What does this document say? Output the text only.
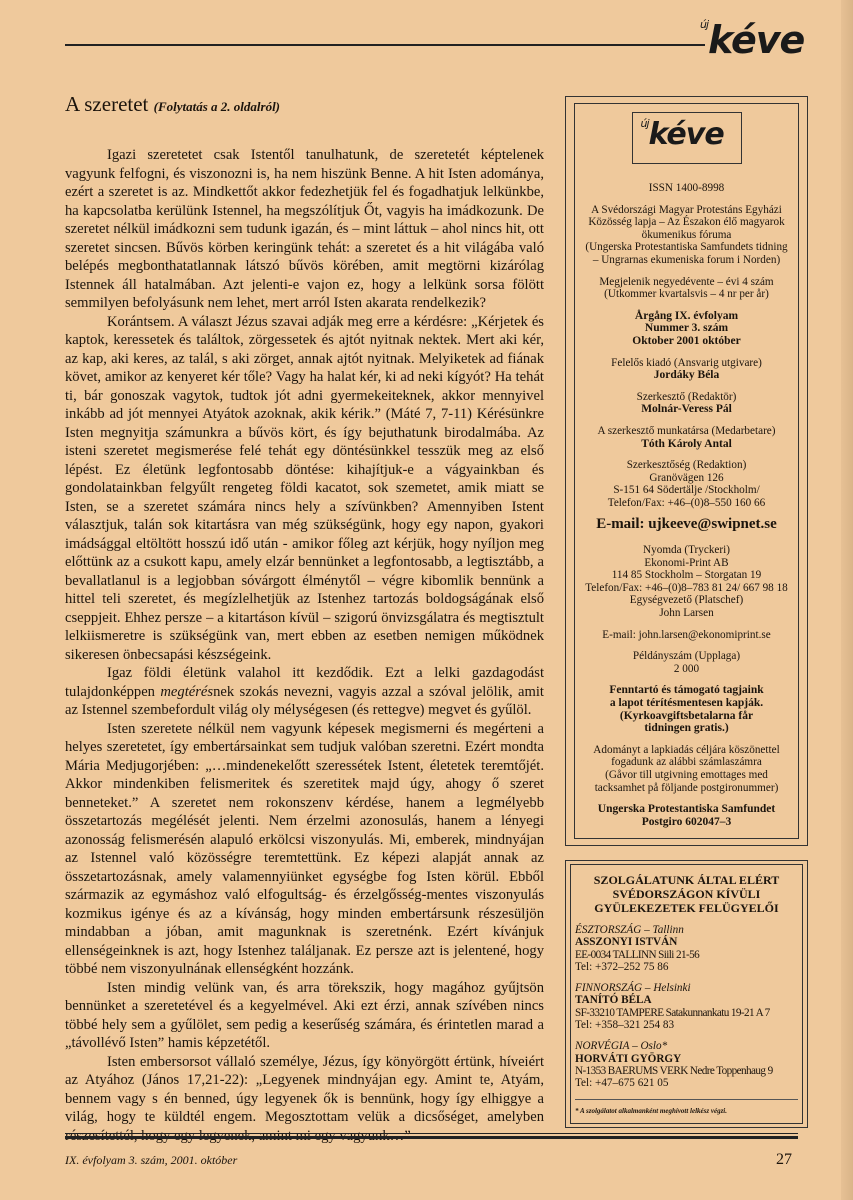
$^{új}$kéve
A szeretet (Folytatás a 2. oldalról)

Igazi szeretetet csak Istentől tanulhatunk, de szeretetét képtelenek vagyunk felfogni, és viszonozni is, ha nem hiszünk Benne. A hit Isten adománya, ezért a szeretet is az. Mindkettőt akkor fedezhetjük fel és fogadhatjuk lelkünkbe, ha kapcsolatba kerülünk Istennel, ha megszólítjuk Őt, vagyis ha imádkozunk. De szeretet nélkül imádkozni sem tudunk igazán, és – mint láttuk – ahol nincs hit, ott szeretet sincsen. Bűvös körben keringünk tehát: a szeretet és a hit világába való belépés megbonthatatlannak látszó bűvös körében, amit megtörni kizárólag Istennek áll hatalmában. Azt jelenti-e vajon ez, hogy a lelkünk sorsa fölött semmilyen befolyásunk nem lehet, mert arról Isten akarata rendelkezik?

Korántsem. A választ Jézus szavai adják meg erre a kérdésre: „Kérjetek és kaptok, keressetek és találtok, zörgessetek és ajtót nyitnak nektek. Mert aki kér, az kap, aki keres, az talál, s aki zörget, annak ajtót nyitnak. Melyiketek ad fiának követ, amikor az kenyeret kér tőle? Vagy ha halat kér, ki ad neki kígyót? Ha tehát ti, bár gonoszak vagytok, tudtok jót adni gyermekeiteknek, akkor mennyivel inkább ad jót mennyei Atyátok azoknak, akik kérik.” (Máté 7, 7-11) Kérésünkre Isten megnyitja számunkra a bűvös kört, és így bejuthatunk birodalmába. Az isteni szeretet megismerése felé tehát egy döntésünkkel tesszük meg az első lépést. Ez életünk legfontosabb döntése: kihajítjuk-e a vágyainkban és gondolatainkban felgyűlt rengeteg földi kacatot, sok szemetet, amik miatt se Isten, se a szeretet számára nincs hely a szívünkben? Amennyiben Istent választjuk, talán sok kitartásra van még szükségünk, hogy egy napon, gyakori imádsággal eltöltött hosszú idő után - amikor főleg azt kérjük, hogy nyíljon meg előttünk az a csukott kapu, amely elzár bennünket a legfontosabb, a legtisztább, a bevallatlanul is a legjobban sóvárgott élménytől – végre kibomlik bennünk a hittel teli szeretet, és megízlelhetjük az Istenhez tartozás boldogságának első cseppjeit. Ehhez persze – a kitartáson kívül – szigorú önvizsgálatra és megtisztult lelkiismeretre is szükségünk van, mert ebben az esetben nemigen működnek sikeresen önbecsapási készségeink.

Igaz földi életünk valahol itt kezdődik. Ezt a lelki gazdagodást tulajdonképpen megtérésnek szokás nevezni, vagyis azzal a szóval jelölik, amit az Istennel szembefordult világ oly mélységesen (és rettegve) megvet és gyűlöl.

Isten szeretete nélkül nem vagyunk képesek megismerni és megérteni a helyes szeretetet, így embertársainkat sem tudjuk valóban szeretni. Ezért mondta Mária Medjugorjében: „…mindenekelőtt szeressétek Istent, életetek teremtőjét. Akkor mindenkiben felismeritek és szeretitek majd úgy, ahogy ő szeret benneteket.” A szeretet nem rokonszenv kérdése, hanem a legmélyebb összetartozás megélését jelenti. Nem érzelmi azonosulás, hanem a lényegi azonosság felismerésén alapuló erkölcsi viszonyulás. Mi, emberek, mindnyájan az Istennel való közösségre teremtettünk. Ez képezi alapját annak az összetartozásnak, amely valamennyiünket egységbe fog Isten körül. Ebből származik az egymáshoz való elfogultság- és érzelgősség-mentes viszonyulás kozmikus igénye és az a kívánság, hogy minden embertársunk részesüljön mindabban a jóban, amit magunknak is szeretnénk. Ezért kívánjuk ellenségeinknek is azt, hogy Istenhez találjanak. Ez persze azt is jelentené, hogy többé nem viszonyulnának ellenségként hozzánk.

Isten mindig velünk van, és arra törekszik, hogy magához gyűjtsön bennünket a szeretetével és a kegyelmével. Aki ezt érzi, annak szívében nincs többé hely sem a gyűlölet, sem pedig a keserűség számára, és érintetlen marad a „távollévő Isten” hamis képzetétől.

Isten embersorsot vállaló személye, Jézus, így könyörgött értünk, híveiért az Atyához (János 17,21-22): „Legyenek mindnyájan egy. Amint te, Atyám, bennem vagy s én benned, úgy legyenek ők is bennünk, hogy így elhiggye a világ, hogy te küldtél engem. Megosztottam velük a dicsőséget, amelyben

$^{új}$kéve
ISSN 1400-8998
A Svédországi Magyar Protestáns Egyházi
Közösség lapja – Az Északon élő magyarok
ökumenikus fóruma
(Ungerska Protestantiska Samfundets tidning
– Ungrarnas ekumeniska forum i Norden)
Megjelenik negyedévente – évi 4 szám
(Utkommer kvartalsvis – 4 nr per år)
Årgång IX. évfolyam
Nummer 3. szám
Oktober 2001 október
Felelős kiadó (Ansvarig utgivare)
Jordáky Béla
Szerkesztő (Redaktör)
Molnár-Veress Pál
A szerkesztő munkatársa (Medarbetare)
Tóth Károly Antal
Szerkesztőség (Redaktion)
Granövägen 126
S-151 64 Södertälje /Stockholm/
Telefon/Fax: +46–(0)8–550 160 66
E-mail: ujkeeve@swipnet.se
Nyomda (Tryckeri)
Ekonomi-Print AB
114 85 Stockholm – Storgatan 19
Telefon/Fax: +46–(0)8–783 81 24/ 667 98 18
Egységvezető (Platschef)
John Larsen
E-mail: john.larsen@ekonomiprint.se
Példányszám (Upplaga)
2 000
Fenntartó és támogató tagjaink
a lapot térítésmentesen kapják.
(Kyrkoavgiftsbetalarna får
tidningen gratis.)
Adományt a lapkiadás céljára köszönettel
fogadunk az alábbi számlaszámra
(Gåvor till utgivning emottages med
tacksamhet på följande postgironummer)
Ungerska Protestantiska Samfundet
Postgiro 602047–3
SZOLGÁLATUNK ÁLTAL ELÉRT
SVÉDORSZÁGON KÍVÜLI
GYÜLEKEZETEK FELÜGYELŐI
ÉSZTORSZÁG – Tallinn
ASSZONYI ISTVÁN
EE-0034 TALLINN Siili 21-56
Tel: +372–252 75 86
FINNORSZÁG – Helsinki
TANÍTÓ BÉLA
SF-33210 TAMPERE Satakunnankatu 19-21 A 7
Tel: +358–321 254 83
NORVÉGIA – Oslo*
HORVÁTI GYÖRGY
N-1353 BAERUMS VERK Nedre Toppenhaug 9
Tel: +47–675 621 05
* A szolgálatot alkalmanként meghívott lelkész végzi.
IX. évfolyam 3. szám, 2001. október	27
